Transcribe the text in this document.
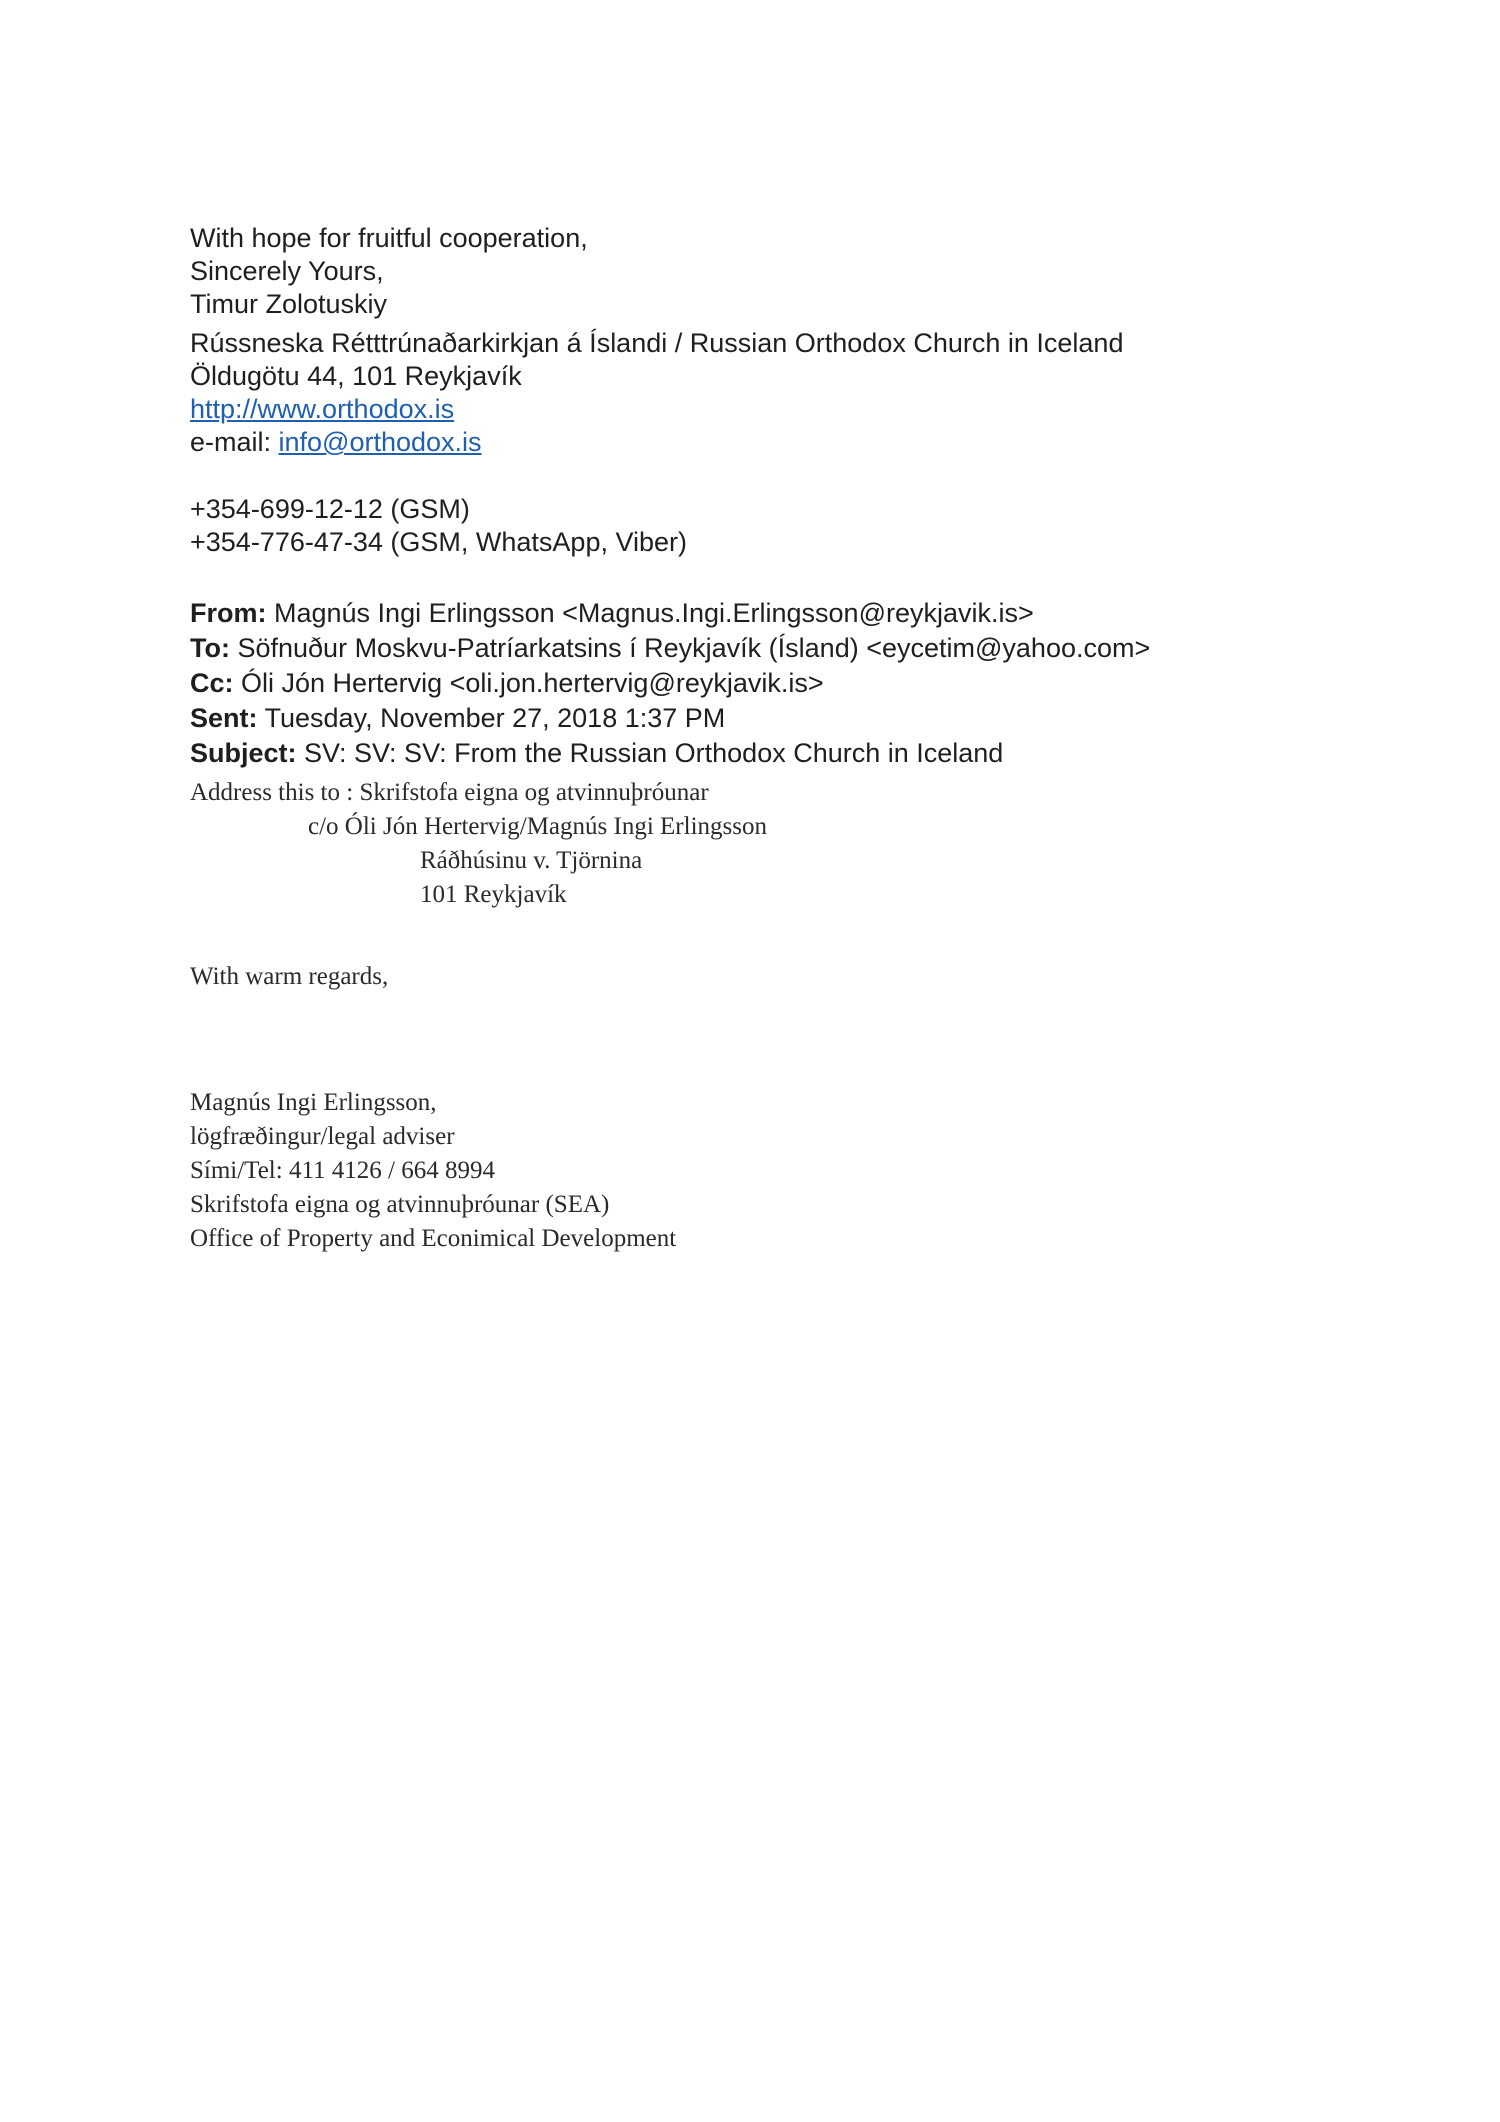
With hope for fruitful cooperation,
Sincerely Yours,
Timur Zolotuskiy
Rússneska Rétttrúnaðarkirkjan á Íslandi / Russian Orthodox Church in Iceland
Öldugötu 44, 101 Reykjavík
http://www.orthodox.is
e-mail: info@orthodox.is
+354-699-12-12 (GSM)
+354-776-47-34 (GSM, WhatsApp, Viber)
From: Magnús Ingi Erlingsson <Magnus.Ingi.Erlingsson@reykjavik.is>
To: Söfnuður Moskvu-Patríarkatsins í Reykjavík (Ísland) <eycetim@yahoo.com>
Cc: Óli Jón Hertervig <oli.jon.hertervig@reykjavik.is>
Sent: Tuesday, November 27, 2018 1:37 PM
Subject: SV: SV: SV: From the Russian Orthodox Church in Iceland
Address this to : Skrifstofa eigna og atvinnuþróunar
c/o Óli Jón Hertervig/Magnús Ingi Erlingsson
Ráðhúsinu v. Tjörnina
101 Reykjavík
With warm regards,
Magnús Ingi Erlingsson,
lögfræðingur/legal adviser
Sími/Tel: 411 4126 / 664 8994
Skrifstofa eigna og atvinnuþróunar (SEA)
Office of Property and Econimical Development
